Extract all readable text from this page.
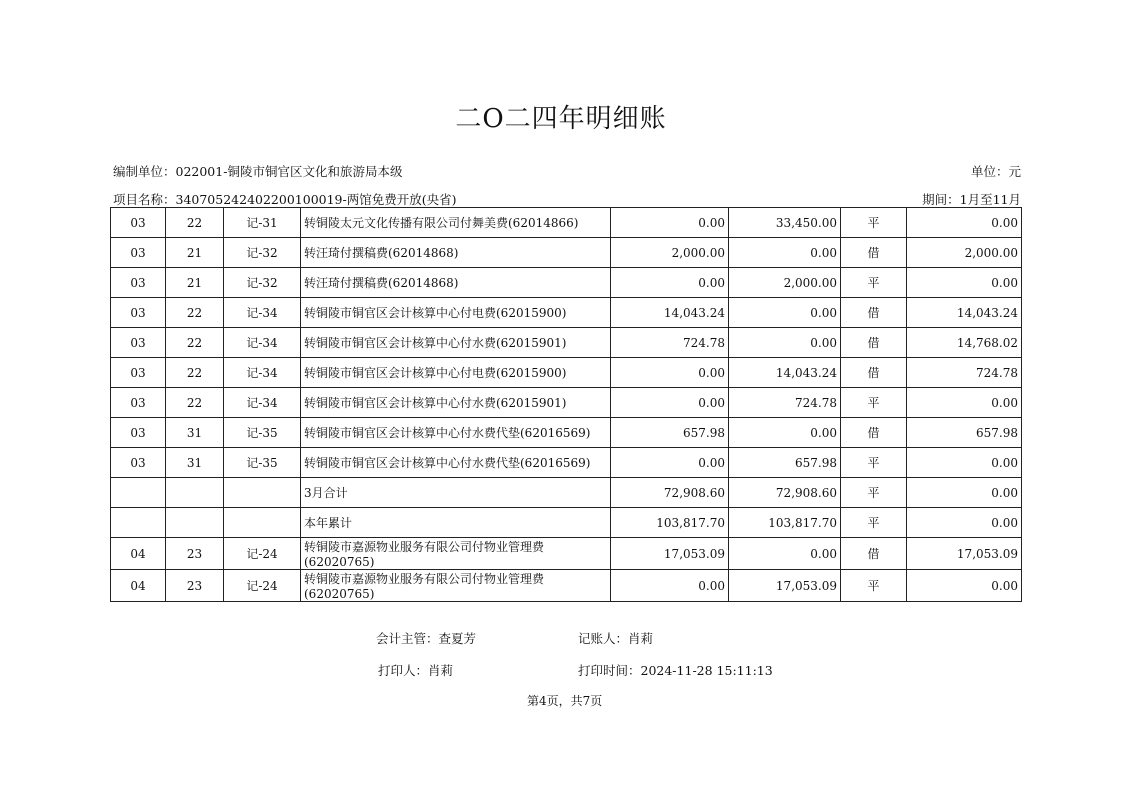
二O二四年明细账
编制单位：022001-铜陵市铜官区文化和旅游局本级	单位：元
项目名称：340705242402200100019-两馆免费开放(央省)	期间：1月至11月
03	22	记-31	转铜陵太元文化传播有限公司付舞美费(62014866)	0.00	33,450.00	平	0.00
03	21	记-32	转汪琦付撰稿费(62014868)	2,000.00	0.00	借	2,000.00
03	21	记-32	转汪琦付撰稿费(62014868)	0.00	2,000.00	平	0.00
03	22	记-34	转铜陵市铜官区会计核算中心付电费(62015900)	14,043.24	0.00	借	14,043.24
03	22	记-34	转铜陵市铜官区会计核算中心付水费(62015901)	724.78	0.00	借	14,768.02
03	22	记-34	转铜陵市铜官区会计核算中心付电费(62015900)	0.00	14,043.24	借	724.78
03	22	记-34	转铜陵市铜官区会计核算中心付水费(62015901)	0.00	724.78	平	0.00
03	31	记-35	转铜陵市铜官区会计核算中心付水费代垫(62016569)	657.98	0.00	借	657.98
03	31	记-35	转铜陵市铜官区会计核算中心付水费代垫(62016569)	0.00	657.98	平	0.00
			3月合计	72,908.60	72,908.60	平	0.00
			本年累计	103,817.70	103,817.70	平	0.00
04	23	记-24	转铜陵市嘉源物业服务有限公司付物业管理费(62020765)	17,053.09	0.00	借	17,053.09
04	23	记-24	转铜陵市嘉源物业服务有限公司付物业管理费(62020765)	0.00	17,053.09	平	0.00
会计主管：查夏芳	记账人：肖莉
打印人：肖莉	打印时间：2024-11-28 15:11:13
第4页，共7页
